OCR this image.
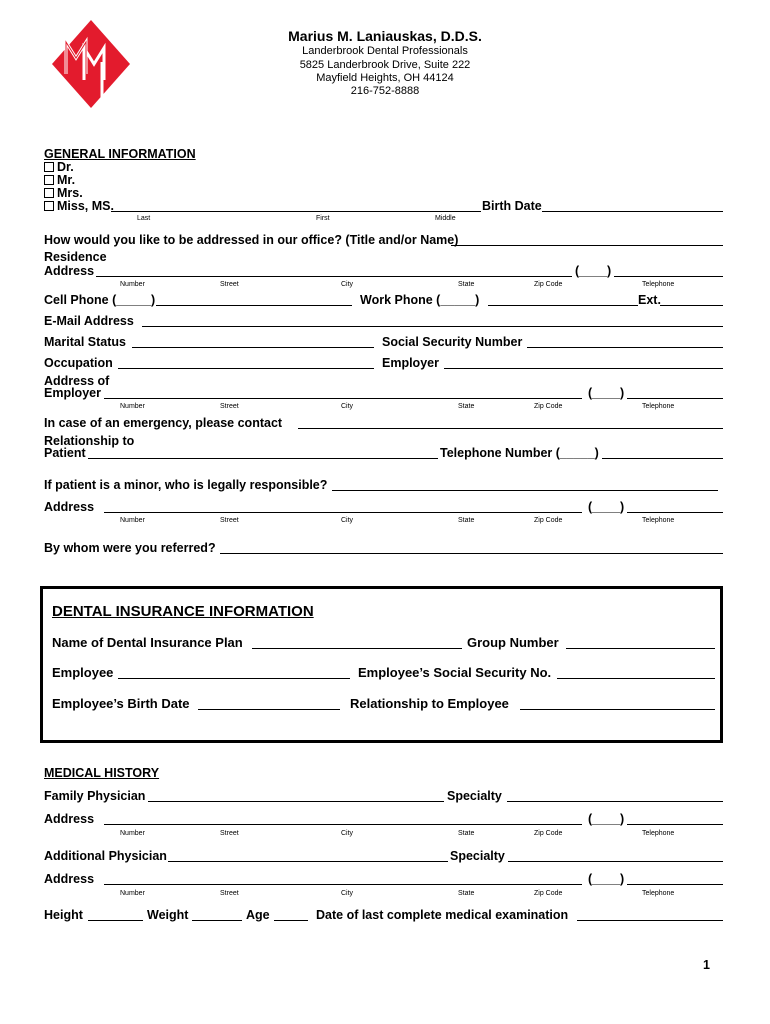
Marius M. Laniauskas, D.D.S.
Landerbrook Dental Professionals
5825 Landerbrook Drive, Suite 222
Mayfield Heights, OH 44124
216-752-8888
GENERAL INFORMATION
Dr.
Mr.
Mrs.
Miss, MS.	Birth Date
Last	First	Middle
How would you like to be addressed in our office? (Title and/or Name)
Residence
Address	(____)
Number	Street	City	State	Zip Code	Telephone
Cell Phone (_____)	Work Phone (_____)	Ext.
E-Mail Address
Marital Status	Social Security Number
Occupation	Employer
Address of
Employer	(____)
Number	Street	City	State	Zip Code	Telephone
In case of an emergency, please contact
Relationship to
Patient	Telephone Number (_____)
If patient is a minor, who is legally responsible?
Address	(____)
Number	Street	City	State	Zip Code	Telephone
By whom were you referred?
DENTAL INSURANCE INFORMATION
Name of Dental Insurance Plan	Group Number
Employee	Employee’s Social Security No.
Employee’s Birth Date	Relationship to Employee
MEDICAL HISTORY
Family Physician	Specialty
Address	(____)
Number	Street	City	State	Zip Code	Telephone
Additional Physician	Specialty
Address	(____)
Number	Street	City	State	Zip Code	Telephone
Height	Weight	Age	Date of last complete medical examination
1
